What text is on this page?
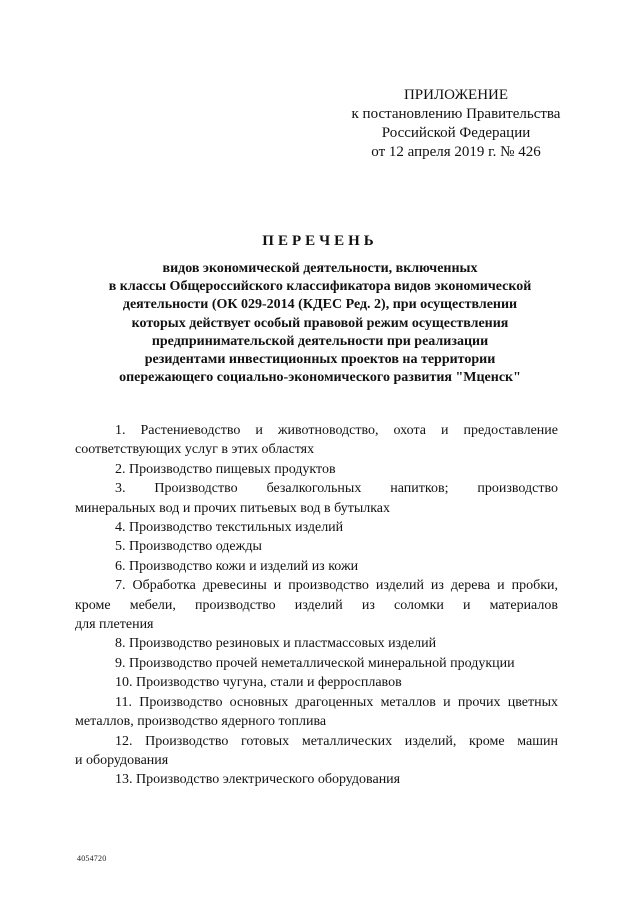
ПРИЛОЖЕНИЕ
к постановлению Правительства
Российской Федерации
от 12 апреля 2019 г. № 426
ПЕРЕЧЕНЬ
видов экономической деятельности, включенных
в классы Общероссийского классификатора видов экономической
деятельности (ОК 029-2014 (КДЕС Ред. 2), при осуществлении
которых действует особый правовой режим осуществления
предпринимательской деятельности при реализации
резидентами инвестиционных проектов на территории
опережающего социально-экономического развития "Мценск"

1. Растениеводство и животноводство, охота и предоставление
соответствующих услуг в этих областях

2. Производство пищевых продуктов

3. Производство безалкогольных напитков; производство
минеральных вод и прочих питьевых вод в бутылках

4. Производство текстильных изделий

5. Производство одежды

6. Производство кожи и изделий из кожи

7. Обработка древесины и производство изделий из дерева и пробки,
кроме мебели, производство изделий из соломки и материалов
для плетения

8. Производство резиновых и пластмассовых изделий

9. Производство прочей неметаллической минеральной продукции

10. Производство чугуна, стали и ферросплавов

11. Производство основных драгоценных металлов и прочих цветных
металлов, производство ядерного топлива

12. Производство готовых металлических изделий, кроме машин
и оборудования

13. Производство электрического оборудования

4054720
